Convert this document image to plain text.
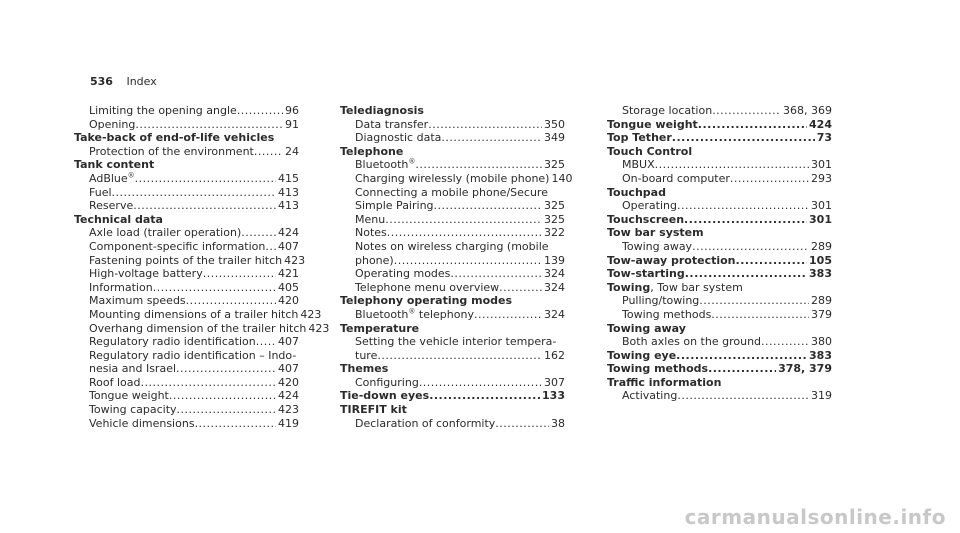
536 Index
Limiting the opening angle .....	96
Opening .....	91
Take-back of end-of-life vehicles
Protection of the environment .....	24
Tank content
AdBlue® .....	415
Fuel .....	413
Reserve .....	413
Technical data
Axle load (trailer operation) .....	424
Component-specific information ..... 407
Fastening points of the trailer hitch 423
High-voltage battery .....	421
Information .....	405
Maximum speeds .....	420
Mounting dimensions of a trailer hitch 423
Overhang dimension of the trailer hitch 423
Regulatory radio identification ..... 407
Regulatory radio identification – Indo-
nesia and Israel .....	407
Roof load .....	420
Tongue weight .....	424
Towing capacity .....	423
Vehicle dimensions .....	419
Telediagnosis
Data transfer .....	350
Diagnostic data .....	349
Telephone
Bluetooth® .....	325
Charging wirelessly (mobile phone) 140
Connecting a mobile phone/Secure
Simple Pairing .....	325
Menu .....	325
Notes .....	322
Notes on wireless charging (mobile
phone) .....	139
Operating modes .....	324
Telephone menu overview .....	324
Telephony operating modes
Bluetooth® telephony .....	324
Temperature
Setting the vehicle interior tempera-
ture .....	162
Themes
Configuring .....	307
Tie-down eyes .....	133
TIREFIT kit
Declaration of conformity .....	38
Storage location .....	368, 369
Tongue weight .....	424
Top Tether .....	73
Touch Control
MBUX .....	301
On-board computer .....	293
Touchpad
Operating .....	301
Touchscreen .....	301
Tow bar system
Towing away .....	289
Tow-away protection .....	105
Tow-starting .....	383
Towing, Tow bar system
Pulling/towing .....	289
Towing methods .....	379
Towing away
Both axles on the ground .....	380
Towing eye .....	383
Towing methods .....	378, 379
Traffic information
Activating .....	319
carmanualsonline.info
